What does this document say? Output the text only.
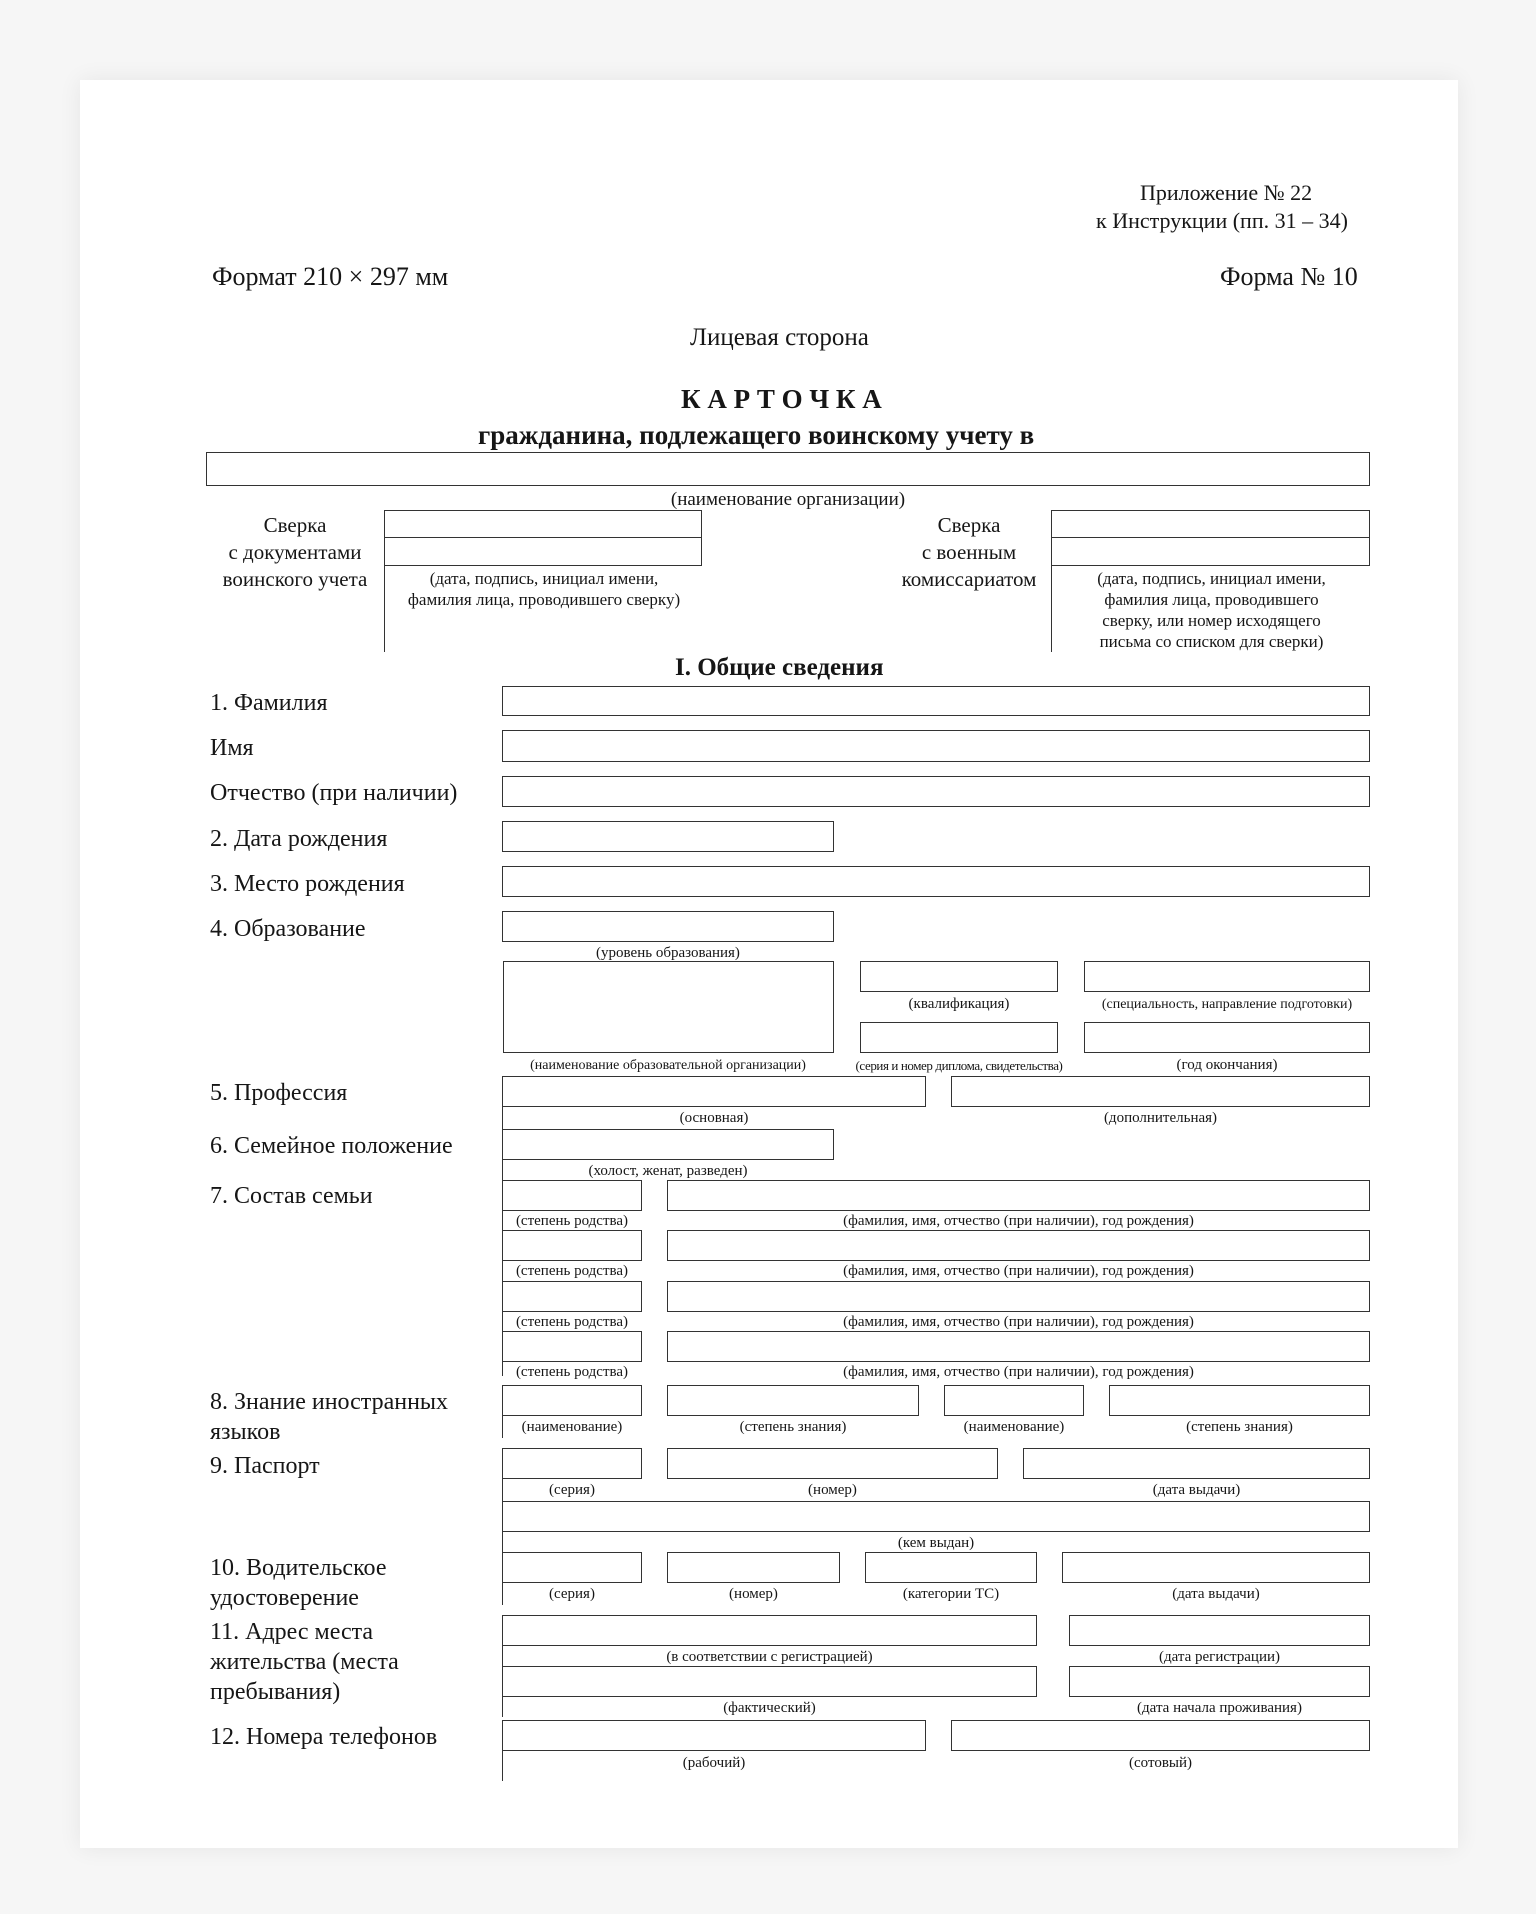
Приложение № 22
к Инструкции (пп. 31 – 34)
Формат 210 × 297 мм	Форма № 10
Лицевая сторона
К А Р Т О Ч К А
гражданина, подлежащего воинскому учету в
(наименование организации)
Сверка
с документами
воинского учета	(дата, подпись, инициал имени,
фамилия лица, проводившего сверку)
Сверка
с военным
комиссариатом	(дата, подпись, инициал имени,
фамилия лица, проводившего
сверку, или номер исходящего
письма со списком для сверки)
I. Общие сведения
1. Фамилия
Имя
Отчество (при наличии)
2. Дата рождения
3. Место рождения
4. Образование
(уровень образования)
(квалификация)	(специальность, направление подготовки)
(наименование образовательной организации)	(серия и номер диплома, свидетельства)	(год окончания)
5. Профессия
(основная)	(дополнительная)
6. Семейное положение
(холост, женат, разведен)
7. Состав семьи
(степень родства)	(фамилия, имя, отчество (при наличии), год рождения)
(степень родства)	(фамилия, имя, отчество (при наличии), год рождения)
(степень родства)	(фамилия, имя, отчество (при наличии), год рождения)
(степень родства)	(фамилия, имя, отчество (при наличии), год рождения)
8. Знание иностранных
языков	(наименование)	(степень знания)	(наименование)	(степень знания)
9. Паспорт
(серия)	(номер)	(дата выдачи)
(кем выдан)
10. Водительское
удостоверение	(серия)	(номер)	(категории ТС)	(дата выдачи)
11. Адрес места
жительства (места
пребывания)
(в соответствии с регистрацией)	(дата регистрации)
(фактический)	(дата начала проживания)
12. Номера телефонов
(рабочий)	(сотовый)
